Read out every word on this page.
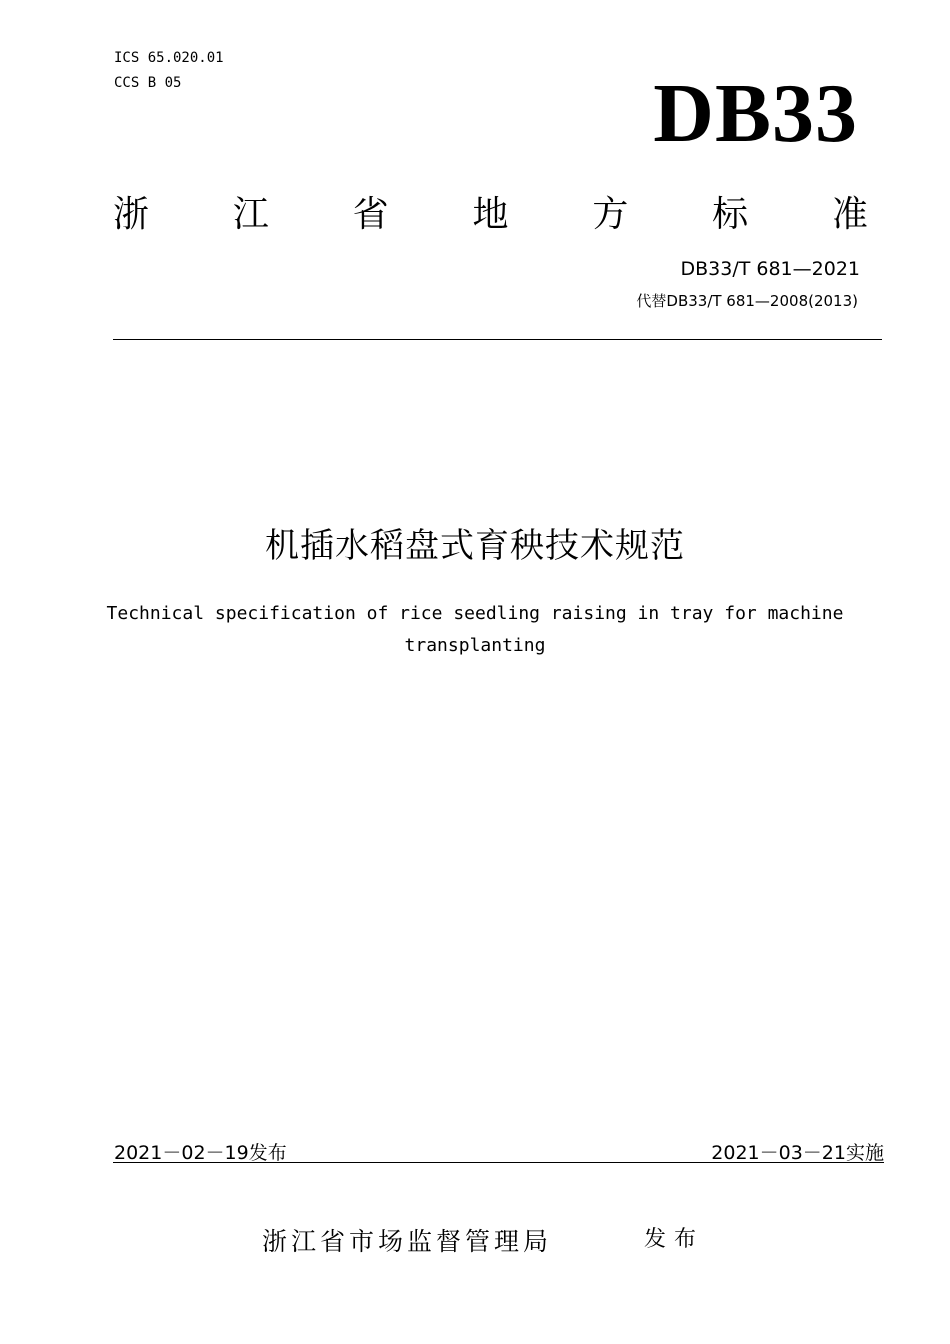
ICS 65.020.01
CCS B 05	DB33
浙 江 省 地 方 标 准
DB33/T 681—2021
代替DB33/T 681—2008(2013)
机插水稻盘式育秧技术规范
Technical specification of rice seedling raising in tray for machine
transplanting
2021－02－19发布	2021－03－21实施
浙江省市场监督管理局	发布
